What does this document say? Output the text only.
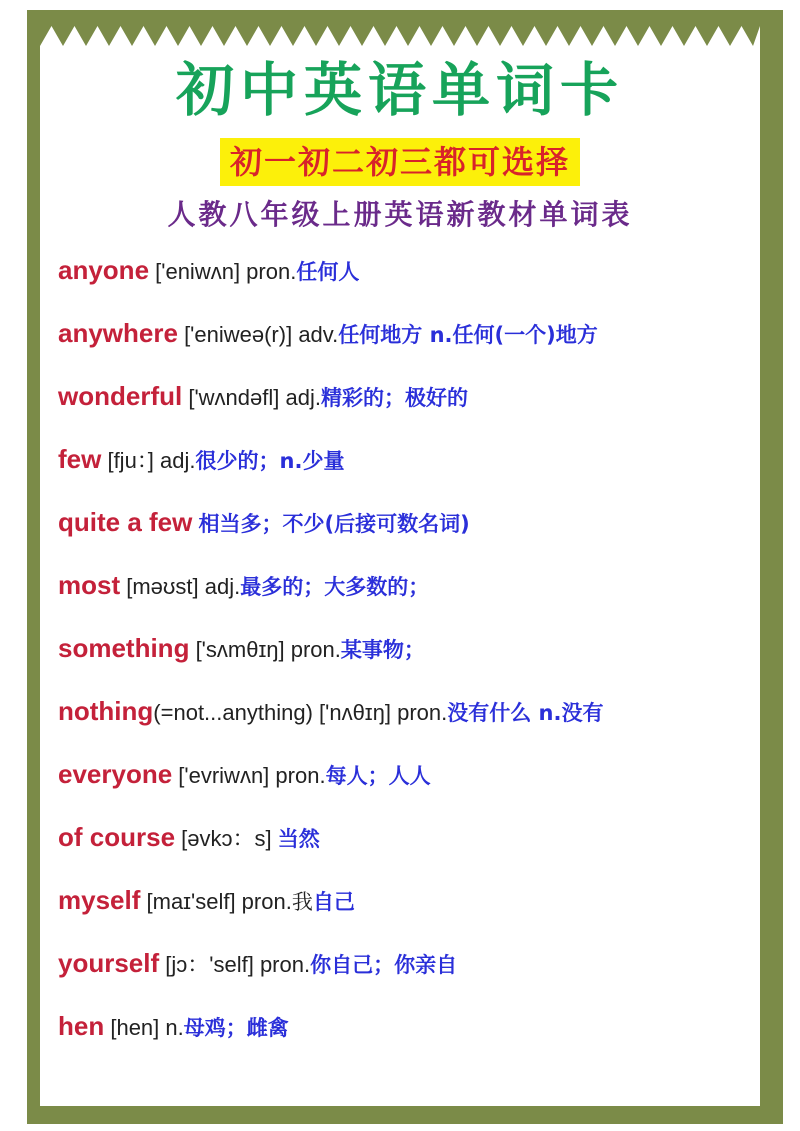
初中英语单词卡
初一初二初三都可选择
人教八年级上册英语新教材单词表
anyone ['eniwʌn] pron.任何人
anywhere ['eniweə(r)] adv.任何地方 n.任何(一个)地方
wonderful ['wʌndəfl] adj.精彩的；极好的
few [fju：] adj.很少的；n.少量
quite a few 相当多；不少(后接可数名词)
most [məʊst] adj.最多的；大多数的；
something ['sʌmθɪŋ] pron.某事物；
nothing(=not...anything) ['nʌθɪŋ] pron.没有什么 n.没有
everyone ['evriwʌn] pron.每人；人人
of course [əvkɔ：s] 当然
myself [maɪ'self] pron.我自己
yourself [jɔ：'self] pron.你自己；你亲自
hen [hen] n.母鸡；雌禽
